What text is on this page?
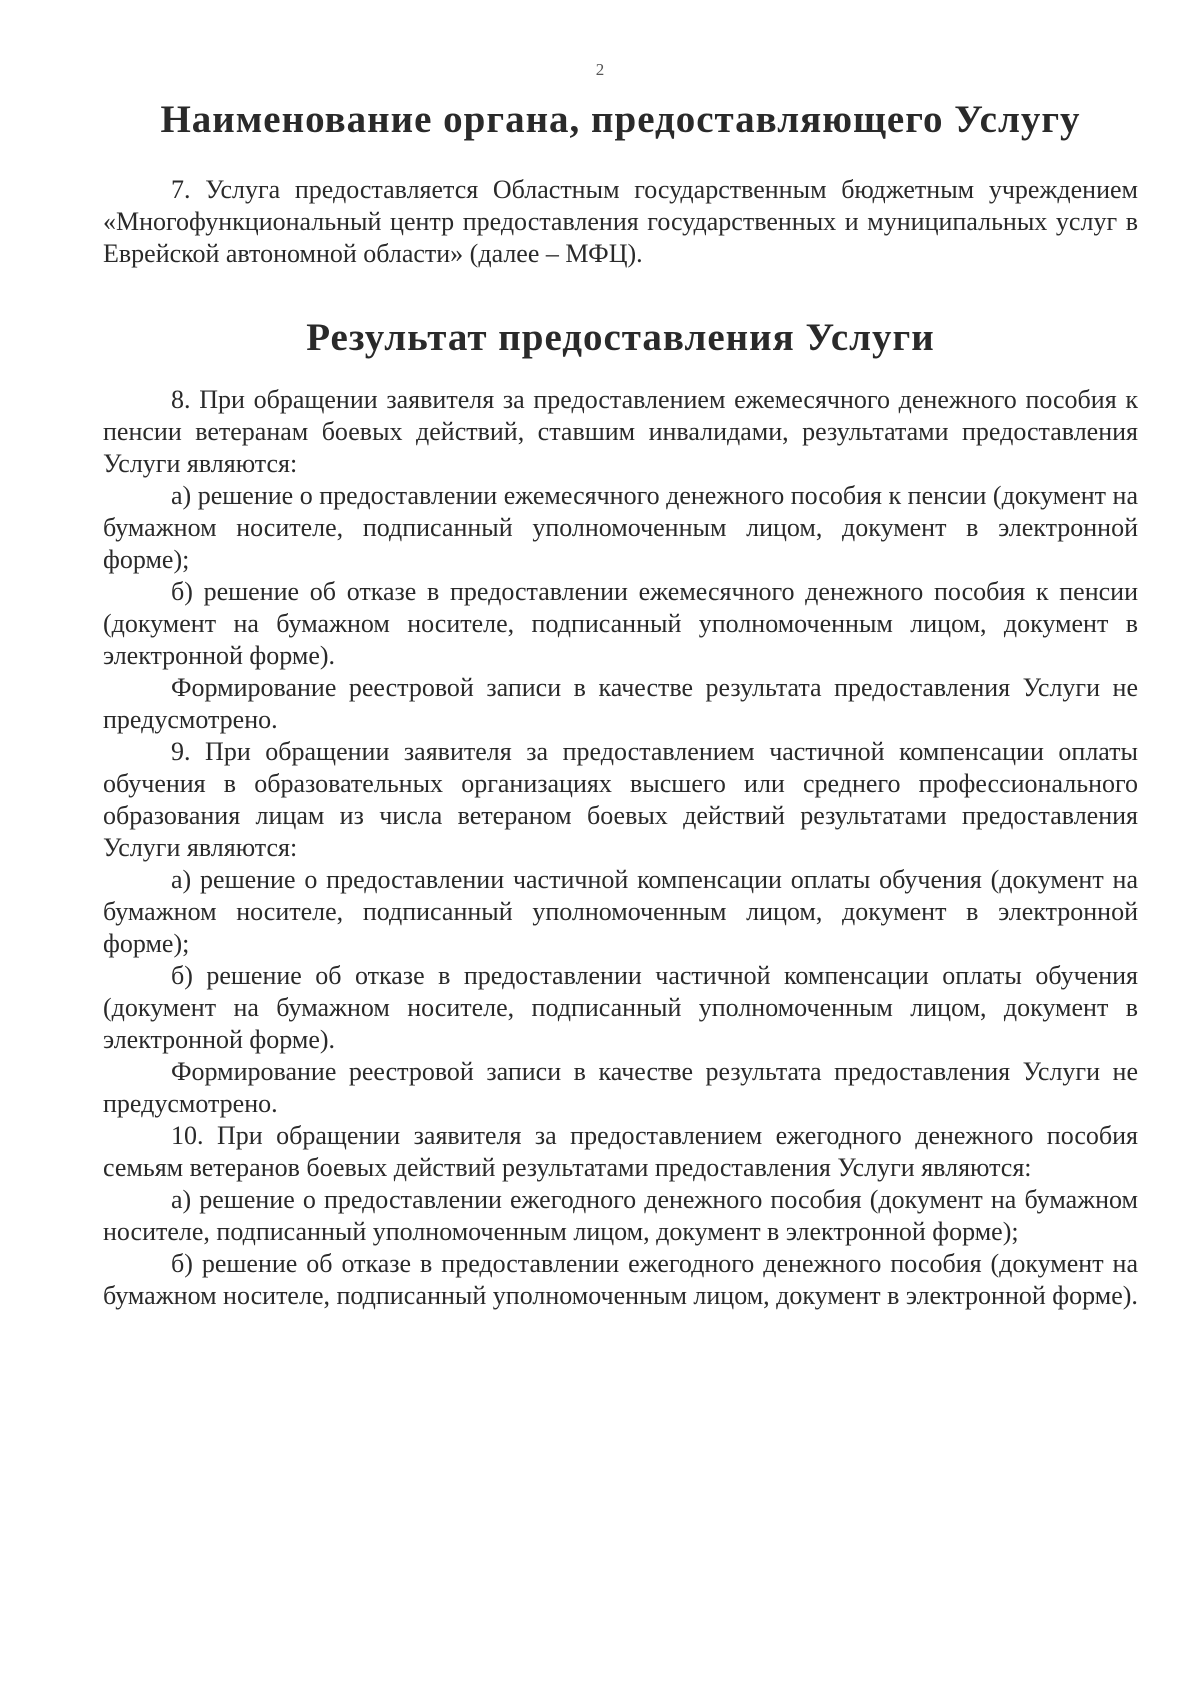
2
Наименование органа, предоставляющего Услугу

7. Услуга предоставляется Областным государственным бюджетным учреждением «Многофункциональный центр предоставления государственных и муниципальных услуг в Еврейской автономной области» (далее – МФЦ).

Результат предоставления Услуги

8. При обращении заявителя за предоставлением ежемесячного денежного пособия к пенсии ветеранам боевых действий, ставшим инвалидами, результатами предоставления Услуги являются:

а) решение о предоставлении ежемесячного денежного пособия к пенсии (документ на бумажном носителе, подписанный уполномоченным лицом, документ в электронной форме);

б) решение об отказе в предоставлении ежемесячного денежного пособия к пенсии (документ на бумажном носителе, подписанный уполномоченным лицом, документ в электронной форме).

Формирование реестровой записи в качестве результата предоставления Услуги не предусмотрено.

9. При обращении заявителя за предоставлением частичной компенсации оплаты обучения в образовательных организациях высшего или среднего профессионального образования лицам из числа ветераном боевых действий результатами предоставления Услуги являются:

а) решение о предоставлении частичной компенсации оплаты обучения (документ на бумажном носителе, подписанный уполномоченным лицом, документ в электронной форме);

б) решение об отказе в предоставлении частичной компенсации оплаты обучения (документ на бумажном носителе, подписанный уполномоченным лицом, документ в электронной форме).

Формирование реестровой записи в качестве результата предоставления Услуги не предусмотрено.

10. При обращении заявителя за предоставлением ежегодного денежного пособия семьям ветеранов боевых действий результатами предоставления Услуги являются:

а) решение о предоставлении ежегодного денежного пособия (документ на бумажном носителе, подписанный уполномоченным лицом, документ в электронной форме);

б) решение об отказе в предоставлении ежегодного денежного пособия (документ на бумажном носителе, подписанный уполномоченным лицом, документ в электронной форме).
